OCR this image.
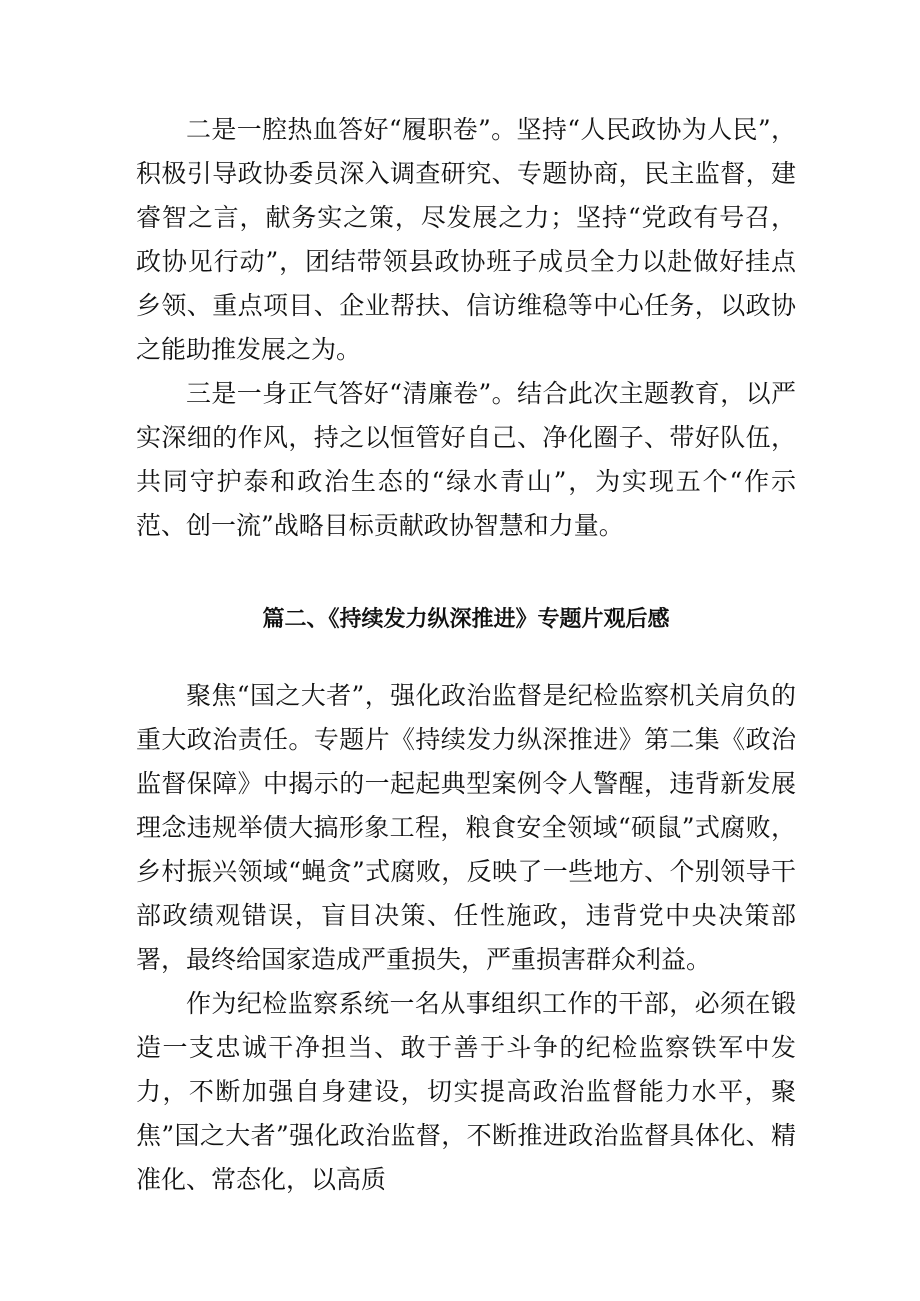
二是一腔热血答好“履职卷”。坚持“人民政协为人民”，积极引导政协委员深入调查研究、专题协商，民主监督，建睿智之言，献务实之策，尽发展之力；坚持“党政有号召，政协见行动”，团结带领县政协班子成员全力以赴做好挂点乡领、重点项目、企业帮扶、信访维稳等中心任务，以政协之能助推发展之为。

三是一身正气答好“清廉卷”。结合此次主题教育，以严实深细的作风，持之以恒管好自己、净化圈子、带好队伍，共同守护泰和政治生态的“绿水青山”，为实现五个“作示范、创一流”战略目标贡献政协智慧和力量。

篇二、《持续发力纵深推进》专题片观后感

聚焦“国之大者”，强化政治监督是纪检监察机关肩负的重大政治责任。专题片《持续发力纵深推进》第二集《政治监督保障》中揭示的一起起典型案例令人警醒，违背新发展理念违规举债大搞形象工程，粮食安全领域“硕鼠”式腐败，乡村振兴领域“蝇贪”式腐败，反映了一些地方、个别领导干部政绩观错误，盲目决策、任性施政，违背党中央决策部署，最终给国家造成严重损失，严重损害群众利益。

作为纪检监察系统一名从事组织工作的干部，必须在锻造一支忠诚干净担当、敢于善于斗争的纪检监察铁军中发力，不断加强自身建设，切实提高政治监督能力水平，聚焦”国之大者”强化政治监督，不断推进政治监督具体化、精准化、常态化，以高质
